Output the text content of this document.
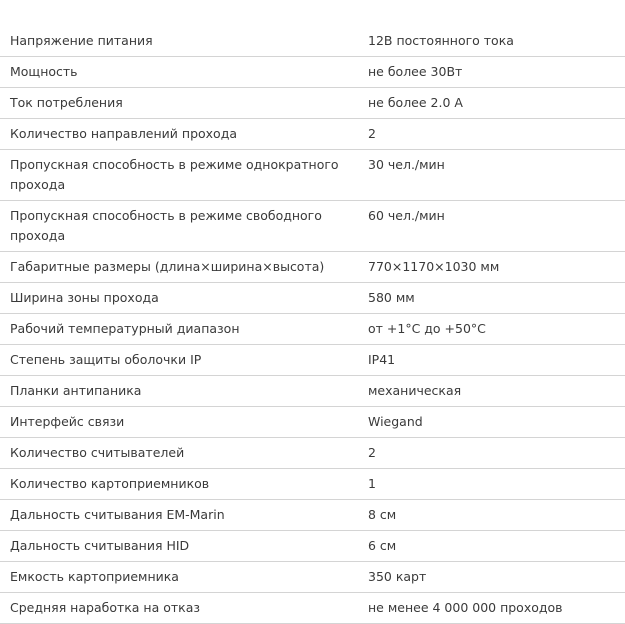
Напряжение питания	12В постоянного тока
Мощность	не более 30Вт
Ток потребления	не более 2.0 А
Количество направлений прохода	2
Пропускная способность в режиме однократного прохода	30 чел./мин
Пропускная способность в режиме свободного прохода	60 чел./мин
Габаритные размеры (длина×ширина×высота)	770×1170×1030 мм
Ширина зоны прохода	580 мм
Рабочий температурный диапазон	от +1°С до +50°С
Степень защиты оболочки IP	IP41
Планки антипаника	механическая
Интерфейс связи	Wiegand
Количество считывателей	2
Количество картоприемников	1
Дальность считывания EM-Marin	8 см
Дальность считывания HID	6 см
Емкость картоприемника	350 карт
Средняя наработка на отказ	не менее 4 000 000 проходов
